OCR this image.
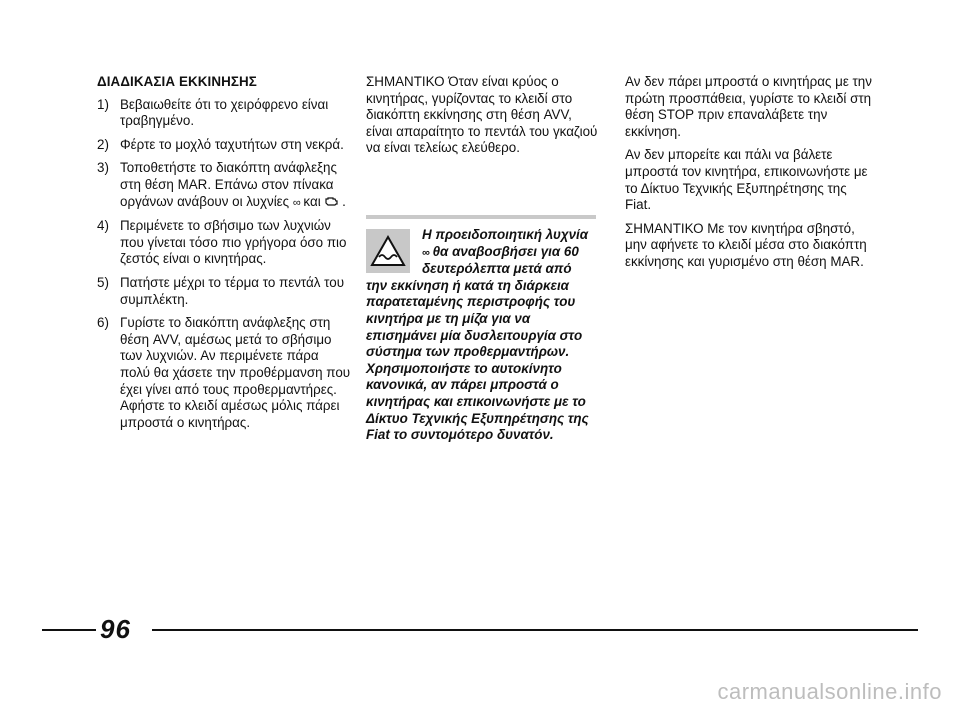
ΔΙΑΔΙΚΑΣΙΑ ΕΚΚΙΝΗΣΗΣ
1) Βεβαιωθείτε ότι το χειρόφρενο είναι τραβηγμένο.
2) Φέρτε το μοχλό ταχυτήτων στη νεκρά.
3) Τοποθετήστε το διακόπτη ανάφλεξης στη θέση MAR. Επάνω στον πίνακα οργάνων ανάβουν οι λυχνίες ∞ και .
4) Περιμένετε το σβήσιμο των λυχνιών που γίνεται τόσο πιο γρήγορα όσο πιο ζεστός είναι ο κινητήρας.
5) Πατήστε μέχρι το τέρμα το πεντάλ του συμπλέκτη.
6) Γυρίστε το διακόπτη ανάφλεξης στη θέση AVV, αμέσως μετά το σβήσιμο των λυχνιών. Αν περιμένετε πάρα πολύ θα χάσετε την προθέρμανση που έχει γίνει από τους προθερμαντήρες. Αφήστε το κλειδί αμέσως μόλις πάρει μπροστά ο κινητήρας.

ΣΗΜΑΝΤΙΚΟ Όταν είναι κρύος ο κινητήρας, γυρίζοντας το κλειδί στο διακόπτη εκκίνησης στη θέση AVV, είναι απαραίτητο το πεντάλ του γκαζιού να είναι τελείως ελεύθερο.

Η προειδοποιητική λυχνία ∞ θα αναβοσβήσει για 60 δευτερόλεπτα μετά από την εκκίνηση ή κατά τη διάρκεια παρατεταμένης περιστροφής του κινητήρα με τη μίζα για να επισημάνει μία δυσλειτουργία στο σύστημα των προθερμαντήρων. Χρησιμοποιήστε το αυτοκίνητο κανονικά, αν πάρει μπροστά ο κινητήρας και επικοινωνήστε με το Δίκτυο Τεχνικής Εξυπηρέτησης της Fiat το συντομότερο δυνατόν.

Αν δεν πάρει μπροστά ο κινητήρας με την πρώτη προσπάθεια, γυρίστε το κλειδί στη θέση STOP πριν επαναλάβετε την εκκίνηση.

Αν δεν μπορείτε και πάλι να βάλετε μπροστά τον κινητήρα, επικοινωνήστε με το Δίκτυο Τεχνικής Εξυπηρέτησης της Fiat.

ΣΗΜΑΝΤΙΚΟ Με τον κινητήρα σβηστό, μην αφήνετε το κλειδί μέσα στο διακόπτη εκκίνησης και γυρισμένο στη θέση MAR.

96
carmanualsonline.info
